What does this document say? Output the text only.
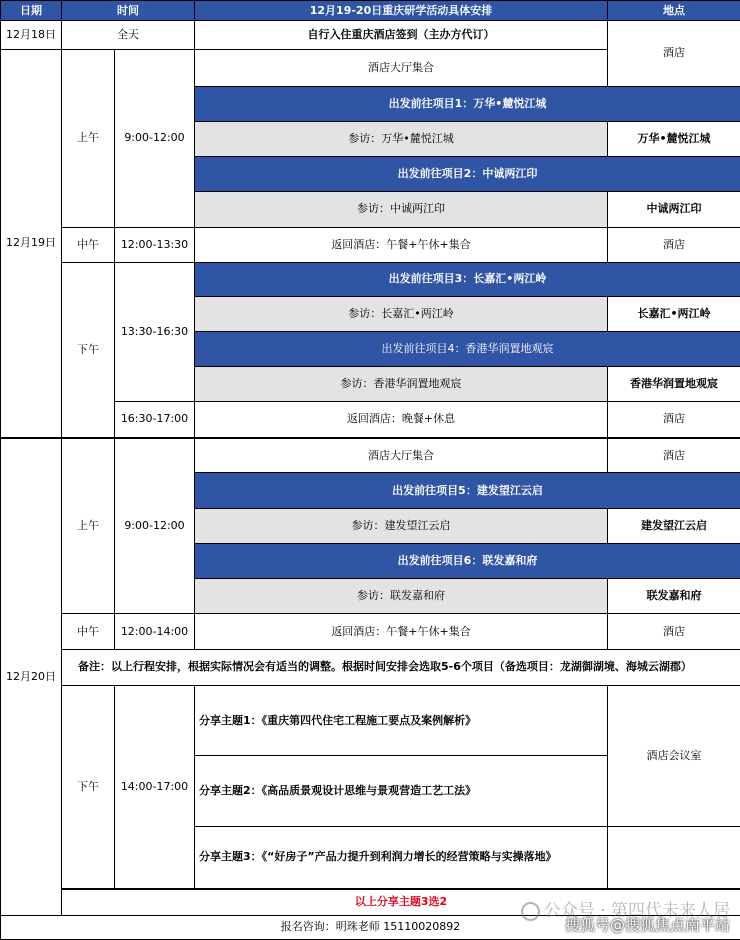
日期	时间		12月19-20日重庆研学活动具体安排	地点
12月18日	全天		自行入住重庆酒店签到（主办方代订）	酒店
12月19日	上午	9:00-12:00	酒店大厅集合	
			出发前往项目1：万华•麓悦江城	
			参访：万华•麓悦江城	万华•麓悦江城
			出发前往项目2：中诚两江印	
			参访：中诚两江印	中诚两江印
	中午	12:00-13:30	返回酒店：午餐+午休+集合	酒店
	下午	13:30-16:30	出发前往项目3：长嘉汇•两江岭	
			参访：长嘉汇•两江岭	长嘉汇•两江岭
			出发前往项目4：香港华润置地观宸	
			参访：香港华润置地观宸	香港华润置地观宸
		16:30-17:00	返回酒店：晚餐+休息	酒店
12月20日	上午	9:00-12:00	酒店大厅集合	酒店
			出发前往项目5：建发望江云启	
			参访：建发望江云启	建发望江云启
			出发前往项目6：联发嘉和府	
			参访：联发嘉和府	联发嘉和府
	中午	12:00-14:00	返回酒店：午餐+午休+集合	酒店
	备注：以上行程安排，根据实际情况会有适当的调整。根据时间安排会选取5-6个项目（备选项目：龙湖御湖境、海城云湖郡）			
	下午	14:00-17:00	分享主题1：《重庆第四代住宅工程施工要点及案例解析》	酒店会议室
			分享主题2：《高品质景观设计思维与景观营造工艺工法》	
			分享主题3：《“好房子”产品力提升到利润力增长的经营策略与实操落地》	
	以上分享主题3选2			
报名咨询：明珠老师 15110020892				
公众号 · 第四代未来人居
搜狐号@搜狐焦点南平站
